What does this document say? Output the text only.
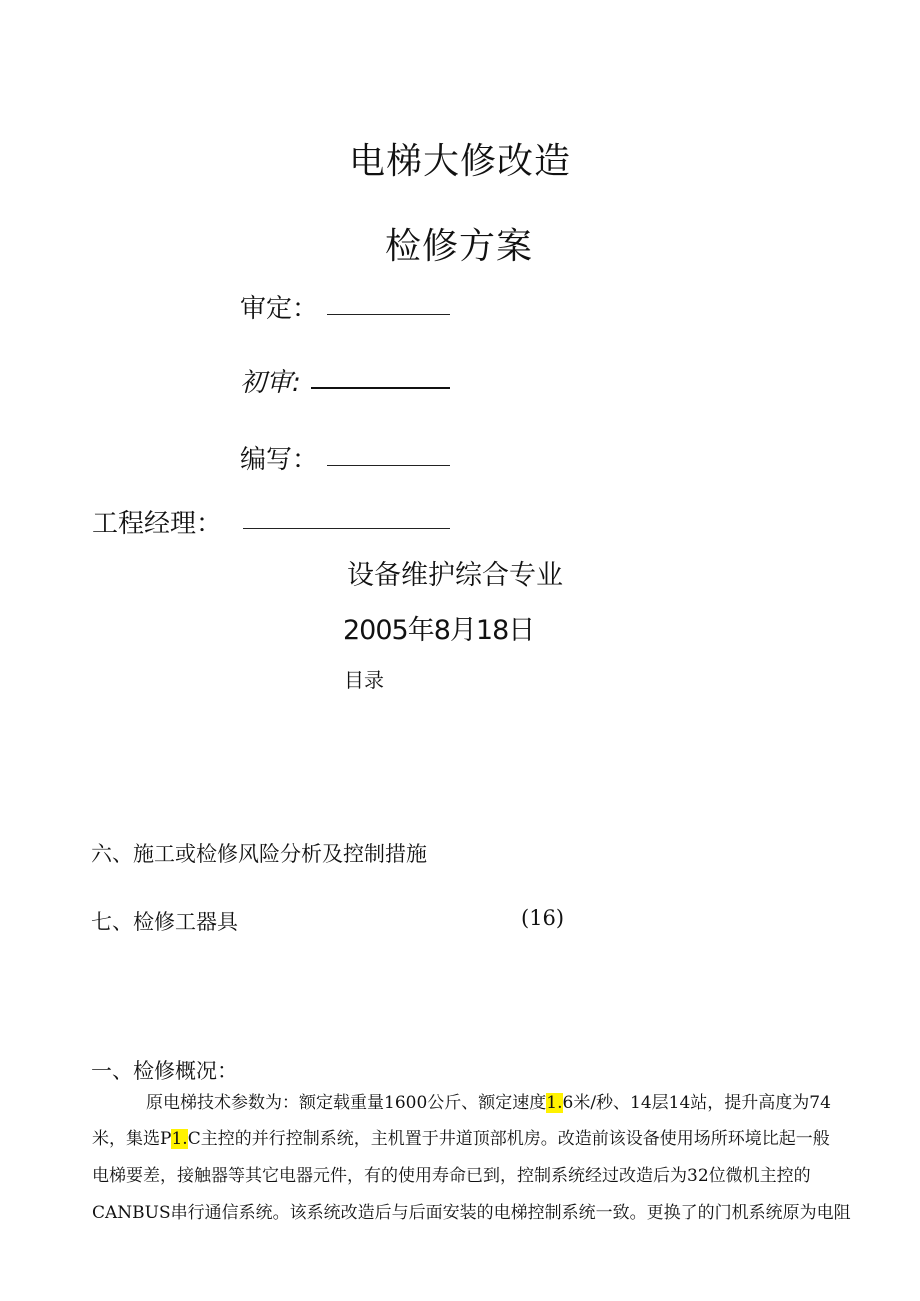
电梯大修改造
检修方案
审定：
初审:
编写：
工程经理：
设备维护综合专业
2005年8月18日
目录
六、施工或检修风险分析及控制措施
七、检修工器具	(16)
一、检修概况：
原电梯技术参数为：额定载重量1600公斤、额定速度1.6米/秒、14层14站，提升高度为74
米，集选P1.C主控的并行控制系统，主机置于井道顶部机房。改造前该设备使用场所环境比起一般
电梯要差，接触器等其它电器元件，有的使用寿命已到，控制系统经过改造后为32位微机主控的
CANBUS串行通信系统。该系统改造后与后面安装的电梯控制系统一致。更换了的门机系统原为电阻
